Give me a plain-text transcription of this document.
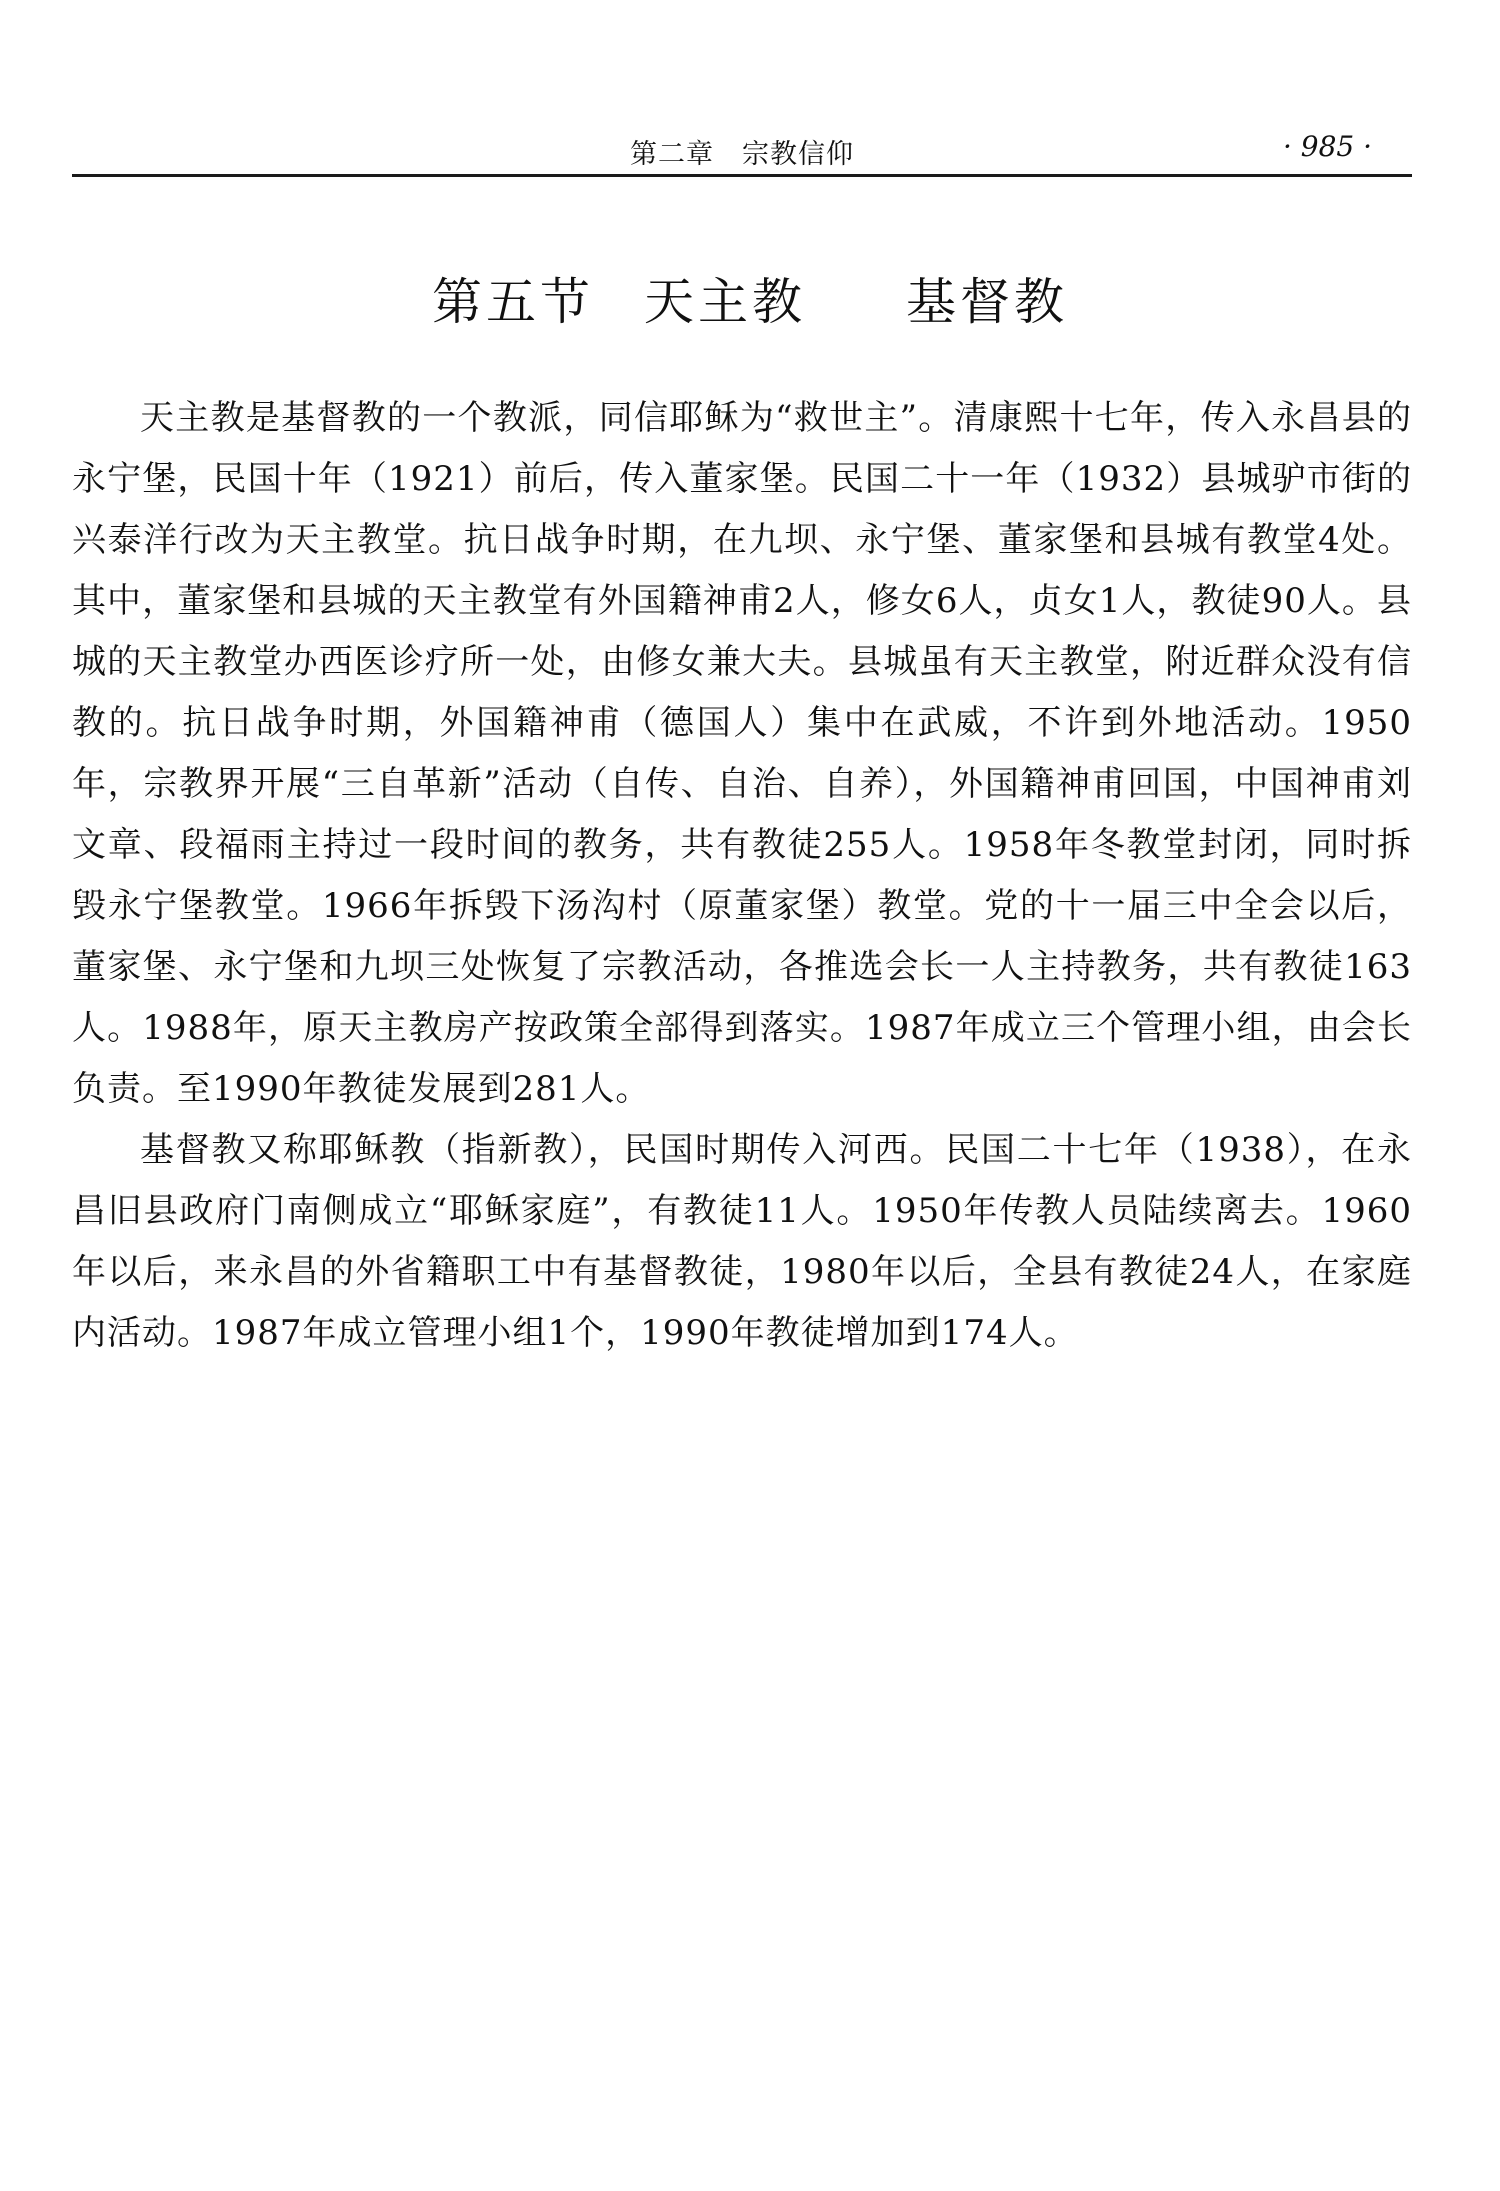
第二章　宗教信仰	· 985 ·
第五节 天主教 基督教

天主教是基督教的一个教派，同信耶稣为“救世主”。清康熙十七年，传入永昌县的永宁堡，民国十年（1921）前后，传入董家堡。民国二十一年（1932）县城驴市街的兴泰洋行改为天主教堂。抗日战争时期，在九坝、永宁堡、董家堡和县城有教堂4处。其中，董家堡和县城的天主教堂有外国籍神甫2人，修女6人，贞女1人，教徒90人。县城的天主教堂办西医诊疗所一处，由修女兼大夫。县城虽有天主教堂，附近群众没有信教的。抗日战争时期，外国籍神甫（德国人）集中在武威，不许到外地活动。1950年，宗教界开展“三自革新”活动（自传、自治、自养），外国籍神甫回国，中国神甫刘文章、段福雨主持过一段时间的教务，共有教徒255人。1958年冬教堂封闭，同时拆毁永宁堡教堂。1966年拆毁下汤沟村（原董家堡）教堂。党的十一届三中全会以后，董家堡、永宁堡和九坝三处恢复了宗教活动，各推选会长一人主持教务，共有教徒163人。1988年，原天主教房产按政策全部得到落实。1987年成立三个管理小组，由会长负责。至1990年教徒发展到281人。

基督教又称耶稣教（指新教），民国时期传入河西。民国二十七年（1938），在永昌旧县政府门南侧成立“耶稣家庭”，有教徒11人。1950年传教人员陆续离去。1960年以后，来永昌的外省籍职工中有基督教徒，1980年以后，全县有教徒24人，在家庭内活动。1987年成立管理小组1个，1990年教徒增加到174人。
